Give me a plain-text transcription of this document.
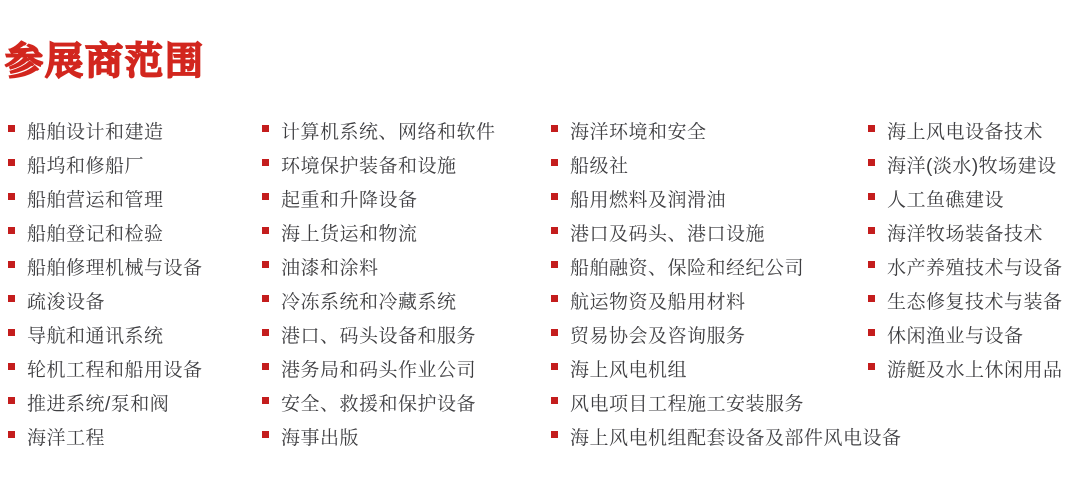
参展商范围
船舶设计和建造
船坞和修船厂
船舶营运和管理
船舶登记和检验
船舶修理机械与设备
疏浚设备
导航和通讯系统
轮机工程和船用设备
推进系统/泵和阀
海洋工程
计算机系统、网络和软件
环境保护装备和设施
起重和升降设备
海上货运和物流
油漆和涂料
冷冻系统和冷藏系统
港口、码头设备和服务
港务局和码头作业公司
安全、救援和保护设备
海事出版
海洋环境和安全
船级社
船用燃料及润滑油
港口及码头、港口设施
船舶融资、保险和经纪公司
航运物资及船用材料
贸易协会及咨询服务
海上风电机组
风电项目工程施工安装服务
海上风电机组配套设备及部件风电设备
海上风电设备技术
海洋(淡水)牧场建设
人工鱼礁建设
海洋牧场装备技术
水产养殖技术与设备
生态修复技术与装备
休闲渔业与设备
游艇及水上休闲用品
